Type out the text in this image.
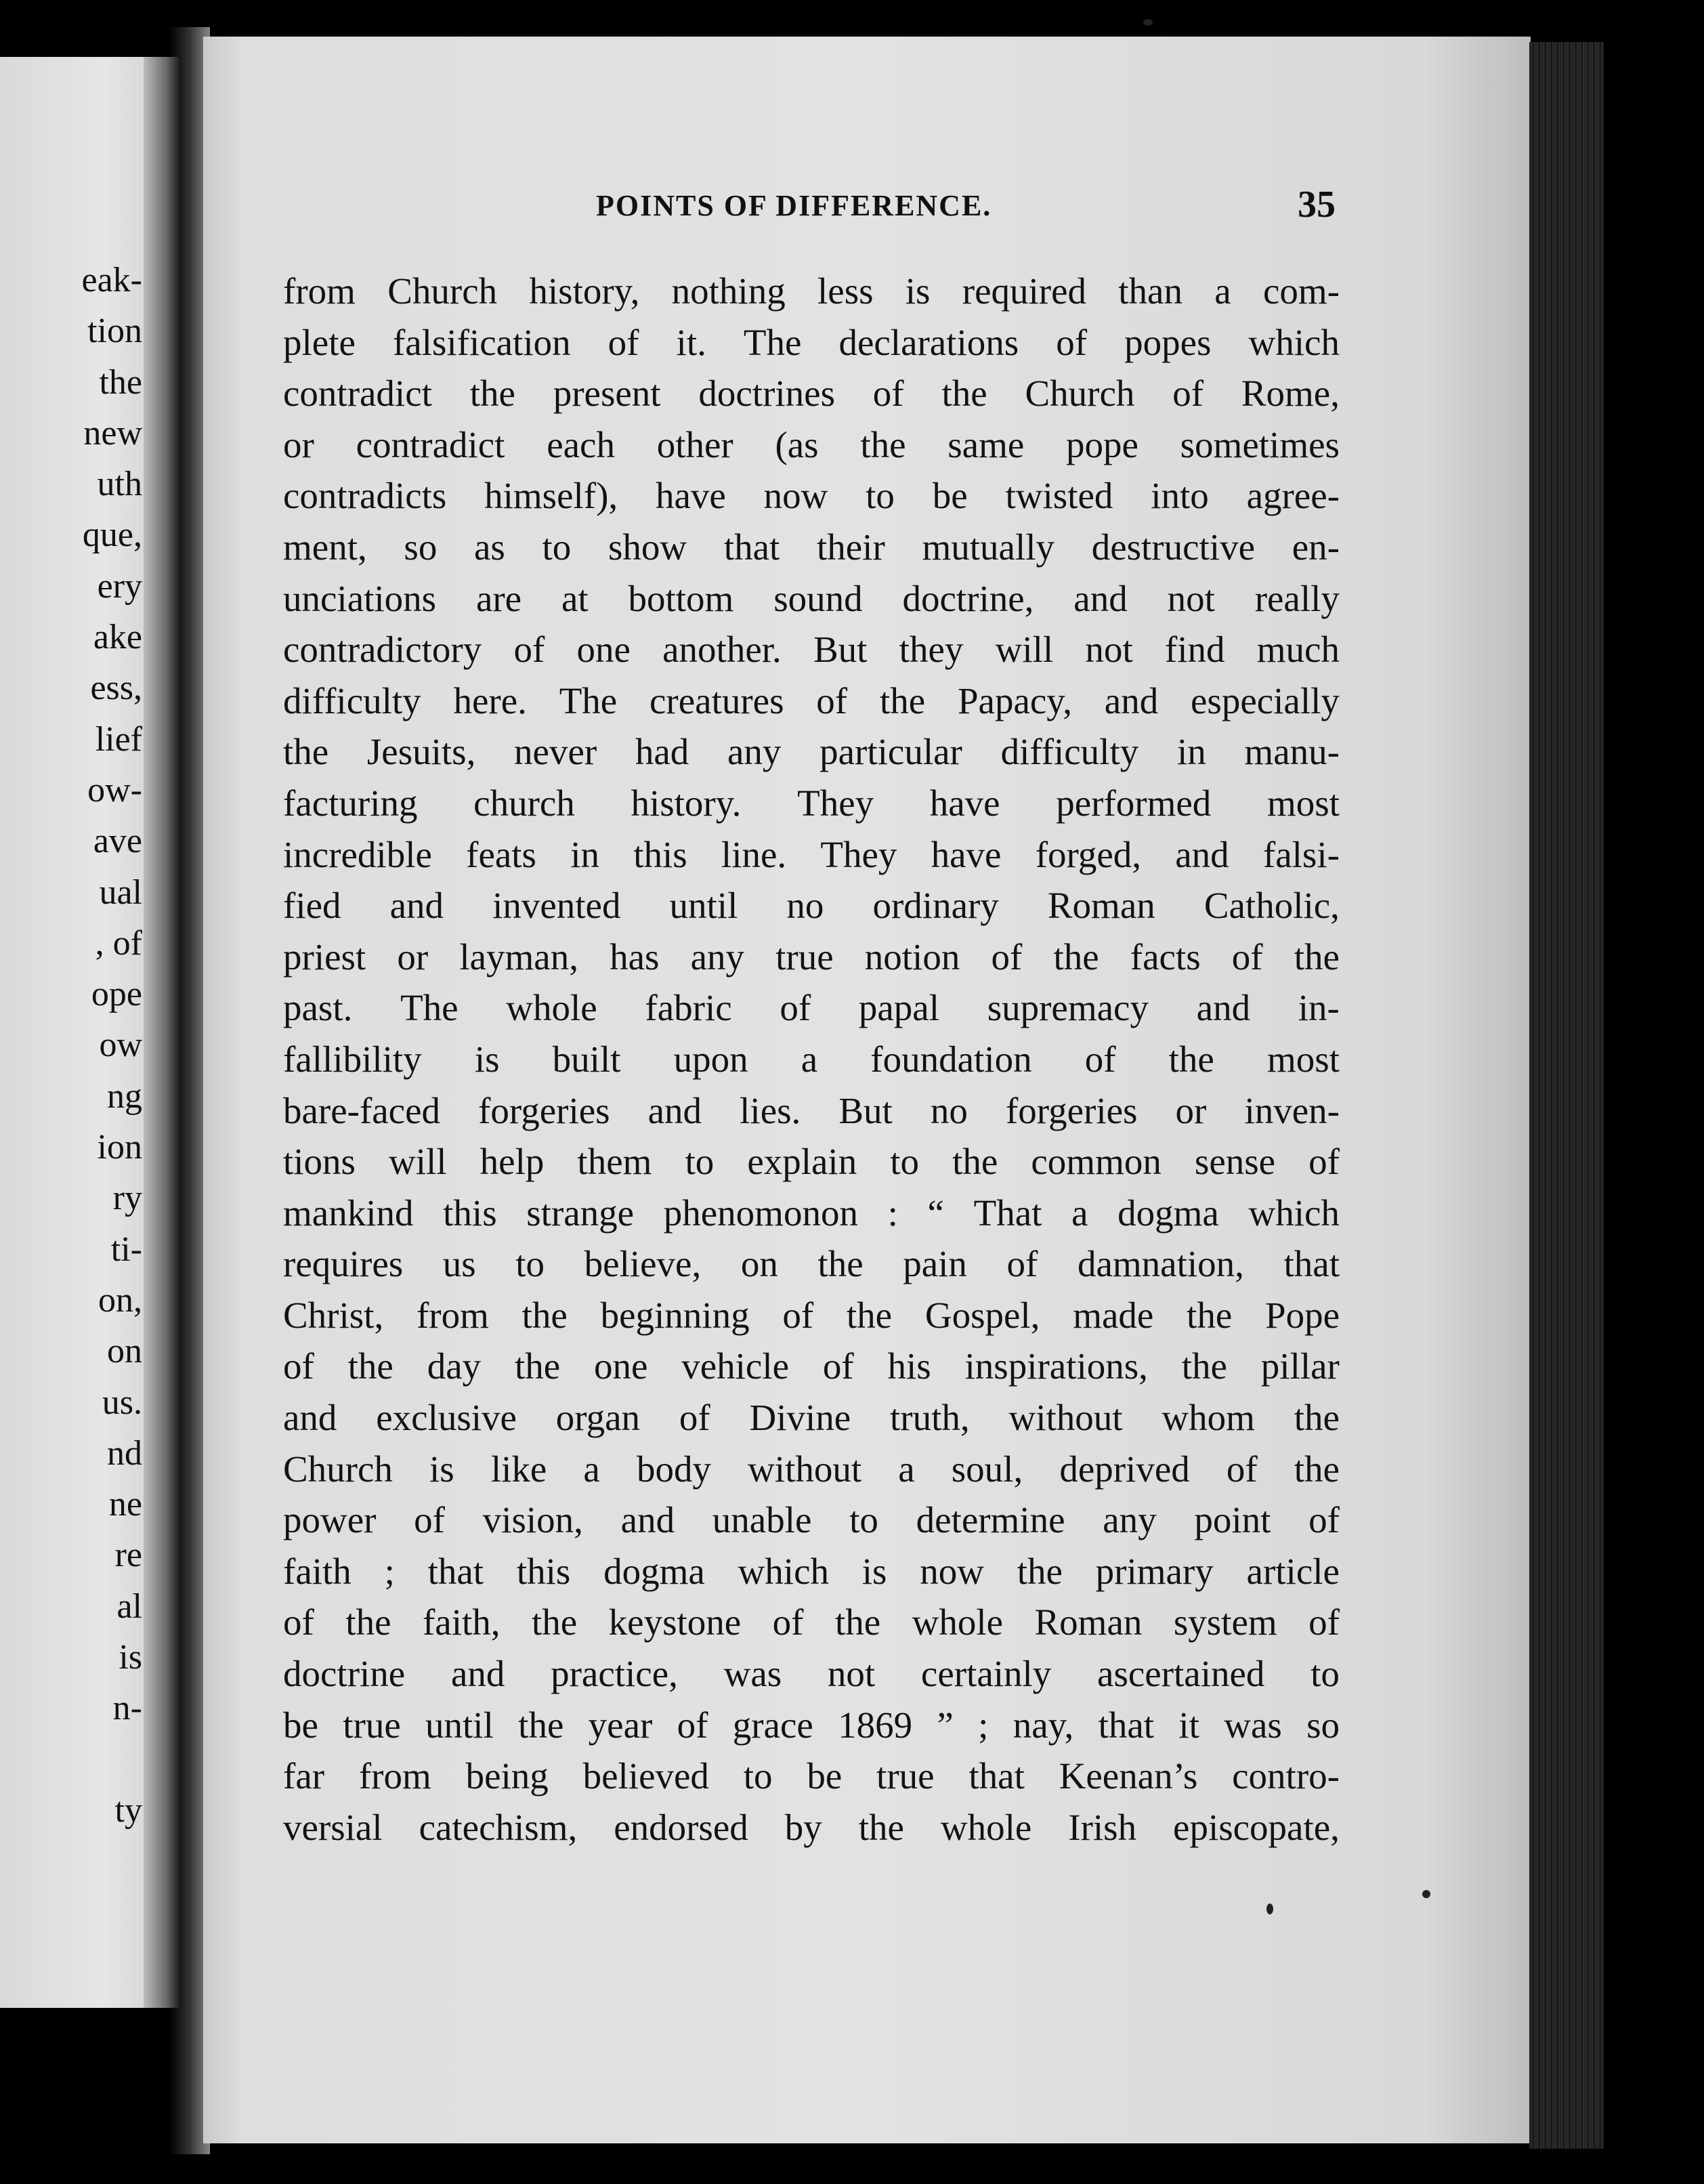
eak-
tion
the
new
uth
que,
ery
ake
ess,
lief
ow-
ave
ual
, of
ope
ow
ng
ion
ry
ti-
on,
on
us.
nd
ne
re
al
is
n-

ty
POINTS OF DIFFERENCE.	35
from Church history, nothing less is required than a com-
plete falsification of it. The declarations of popes which
contradict the present doctrines of the Church of Rome,
or contradict each other (as the same pope sometimes
contradicts himself), have now to be twisted into agree-
ment, so as to show that their mutually destructive en-
unciations are at bottom sound doctrine, and not really
contradictory of one another. But they will not find much
difficulty here. The creatures of the Papacy, and especially
the Jesuits, never had any particular difficulty in manu-
facturing church history. They have performed most
incredible feats in this line. They have forged, and falsi-
fied and invented until no ordinary Roman Catholic,
priest or layman, has any true notion of the facts of the
past. The whole fabric of papal supremacy and in-
fallibility is built upon a foundation of the most
bare-faced forgeries and lies. But no forgeries or inven-
tions will help them to explain to the common sense of
mankind this strange phenomonon : “ That a dogma which
requires us to believe, on the pain of damnation, that
Christ, from the beginning of the Gospel, made the Pope
of the day the one vehicle of his inspirations, the pillar
and exclusive organ of Divine truth, without whom the
Church is like a body without a soul, deprived of the
power of vision, and unable to determine any point of
faith ; that this dogma which is now the primary article
of the faith, the keystone of the whole Roman system of
doctrine and practice, was not certainly ascertained to
be true until the year of grace 1869 ” ; nay, that it was so
far from being believed to be true that Keenan’s contro-
versial catechism, endorsed by the whole Irish episcopate,
